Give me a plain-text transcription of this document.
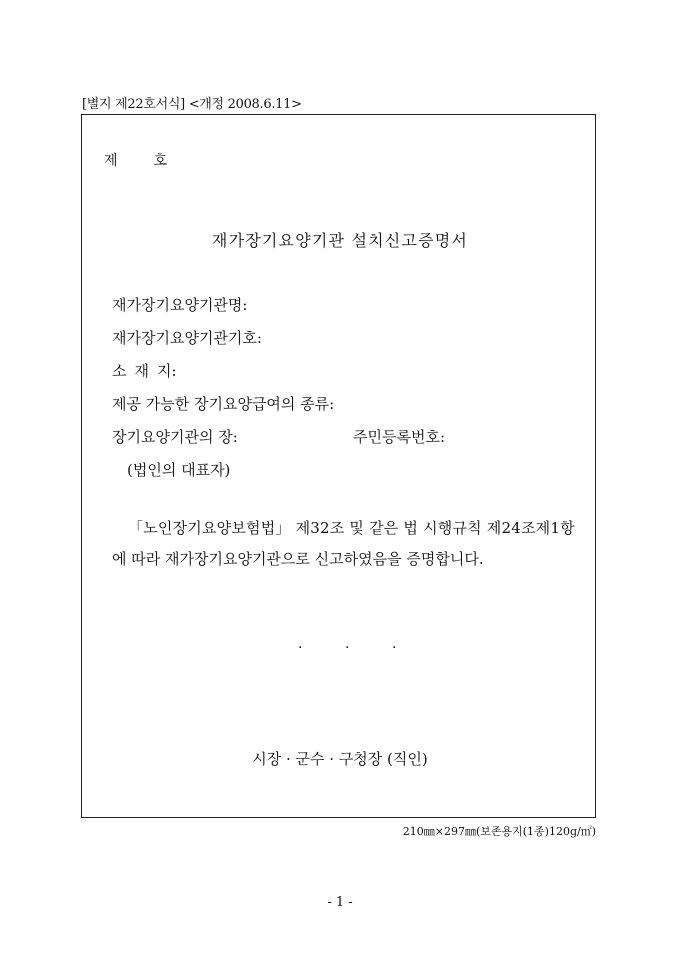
[별지 제22호서식] <개정 2008.6.11>
제	호
재가장기요양기관 설치신고증명서
재가장기요양기관명:
재가장기요양기관기호:
소 재 지:
제공 가능한 장기요양급여의 종류:
장기요양기관의 장:	주민등록번호:
(법인의 대표자)
「노인장기요양보험법」 제32조 및 같은 법 시행규칙 제24조제1항
에 따라 재가장기요양기관으로 신고하였음을 증명합니다.
.	.	.
시장 · 군수 · 구청장 (직인)
210㎜×297㎜(보존용지(1종)120g/㎡)
- 1 -
